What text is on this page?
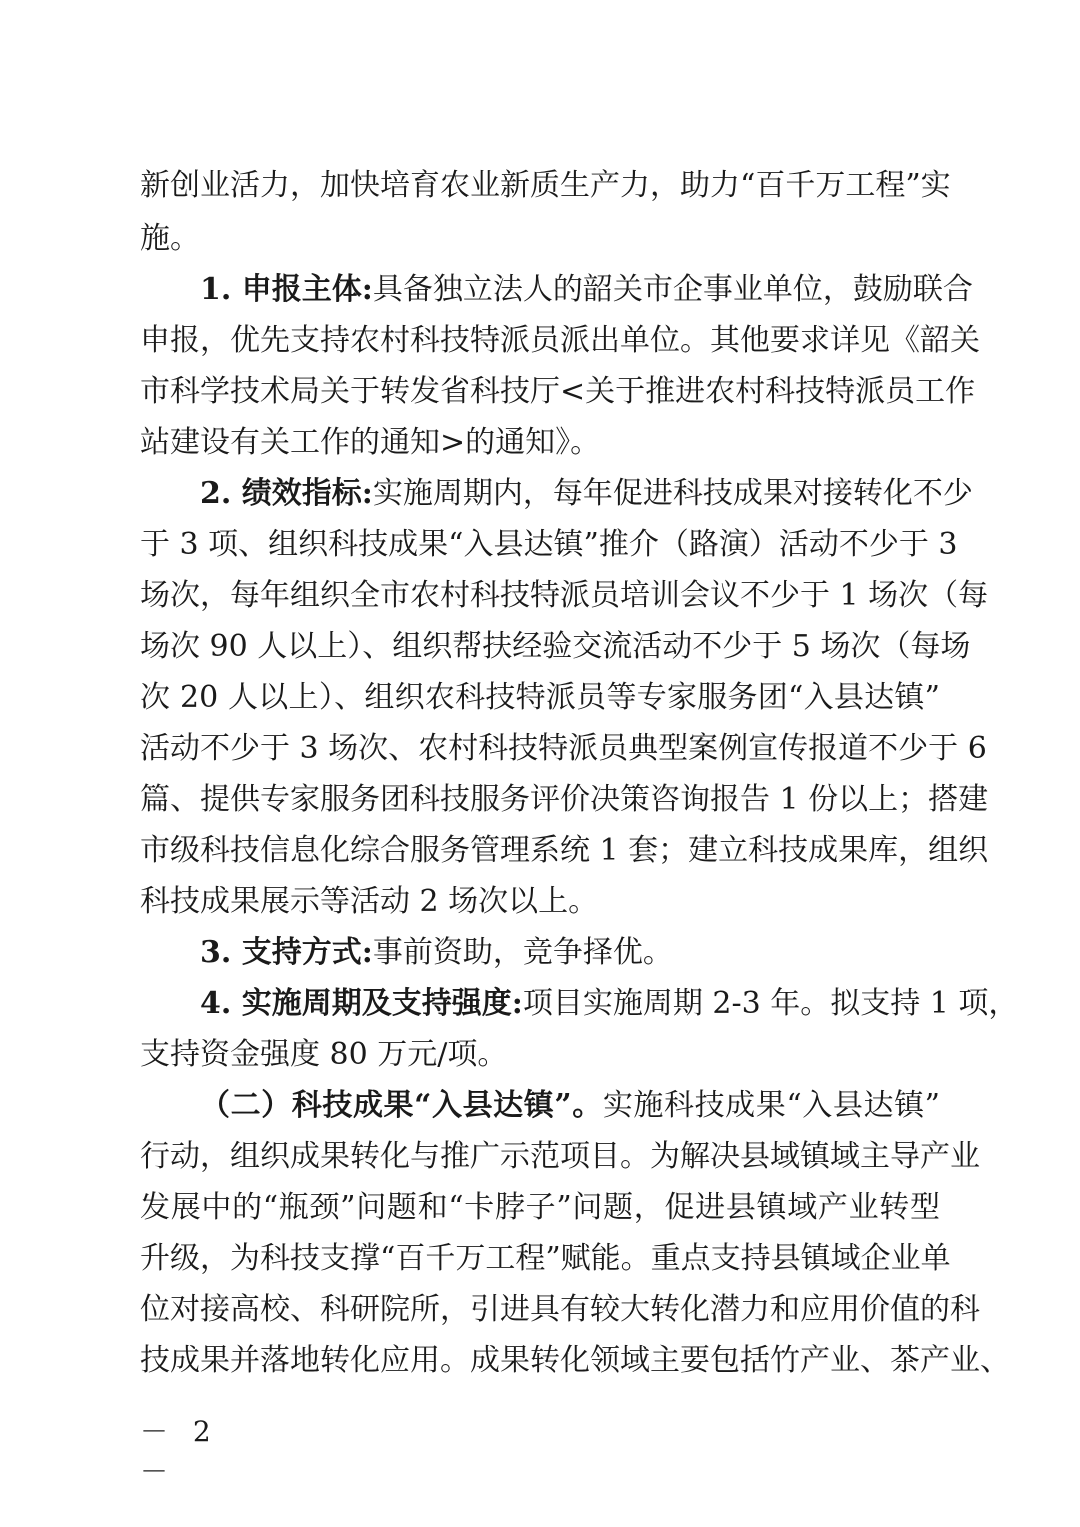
新创业活力，加快培育农业新质生产力，助力“百千万工程”实
施。
1. 申报主体:具备独立法人的韶关市企事业单位，鼓励联合
申报，优先支持农村科技特派员派出单位。其他要求详见《韶关
市科学技术局关于转发省科技厅<关于推进农村科技特派员工作
站建设有关工作的通知>的通知》。
2. 绩效指标:实施周期内，每年促进科技成果对接转化不少
于 3 项、组织科技成果“入县达镇”推介（路演）活动不少于 3
场次，每年组织全市农村科技特派员培训会议不少于 1 场次（每
场次 90 人以上）、组织帮扶经验交流活动不少于 5 场次（每场
次 20 人以上）、组织农科技特派员等专家服务团“入县达镇”
活动不少于 3 场次、农村科技特派员典型案例宣传报道不少于 6
篇、提供专家服务团科技服务评价决策咨询报告 1 份以上；搭建
市级科技信息化综合服务管理系统 1 套；建立科技成果库，组织
科技成果展示等活动 2 场次以上。
3. 支持方式:事前资助，竞争择优。
4. 实施周期及支持强度:项目实施周期 2-3 年。拟支持 1 项，
支持资金强度 80 万元/项。
（二）科技成果“入县达镇”。实施科技成果“入县达镇”
行动，组织成果转化与推广示范项目。为解决县域镇域主导产业
发展中的“瓶颈”问题和“卡脖子”问题，促进县镇域产业转型
升级，为科技支撑“百千万工程”赋能。重点支持县镇域企业单
位对接高校、科研院所，引进具有较大转化潜力和应用价值的科
技成果并落地转化应用。成果转化领域主要包括竹产业、茶产业、
－ 2 －
